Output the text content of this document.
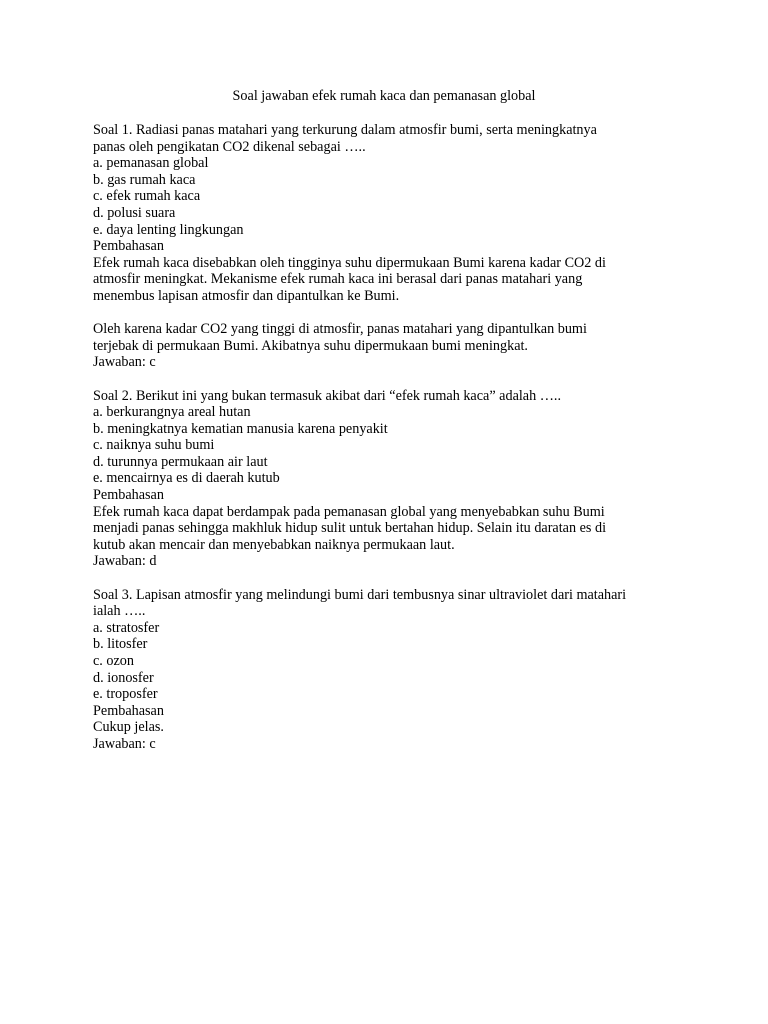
Soal jawaban efek rumah kaca dan pemanasan global
Soal 1. Radiasi panas matahari yang terkurung dalam atmosfir bumi, serta meningkatnya
panas oleh pengikatan CO2 dikenal sebagai …..
a. pemanasan global
b. gas rumah kaca
c. efek rumah kaca
d. polusi suara
e. daya lenting lingkungan
Pembahasan
Efek rumah kaca disebabkan oleh tingginya suhu dipermukaan Bumi karena kadar CO2 di
atmosfir meningkat. Mekanisme efek rumah kaca ini berasal dari panas matahari yang
menembus lapisan atmosfir dan dipantulkan ke Bumi.
Oleh karena kadar CO2 yang tinggi di atmosfir, panas matahari yang dipantulkan bumi
terjebak di permukaan Bumi. Akibatnya suhu dipermukaan bumi meningkat.
Jawaban: c
Soal 2. Berikut ini yang bukan termasuk akibat dari “efek rumah kaca” adalah …..
a. berkurangnya areal hutan
b. meningkatnya kematian manusia karena penyakit
c. naiknya suhu bumi
d. turunnya permukaan air laut
e. mencairnya es di daerah kutub
Pembahasan
Efek rumah kaca dapat berdampak pada pemanasan global yang menyebabkan suhu Bumi
menjadi panas sehingga makhluk hidup sulit untuk bertahan hidup. Selain itu daratan es di
kutub akan mencair dan menyebabkan naiknya permukaan laut.
Jawaban: d
Soal 3. Lapisan atmosfir yang melindungi bumi dari tembusnya sinar ultraviolet dari matahari
ialah …..
a. stratosfer
b. litosfer
c. ozon
d. ionosfer
e. troposfer
Pembahasan
Cukup jelas.
Jawaban: c
